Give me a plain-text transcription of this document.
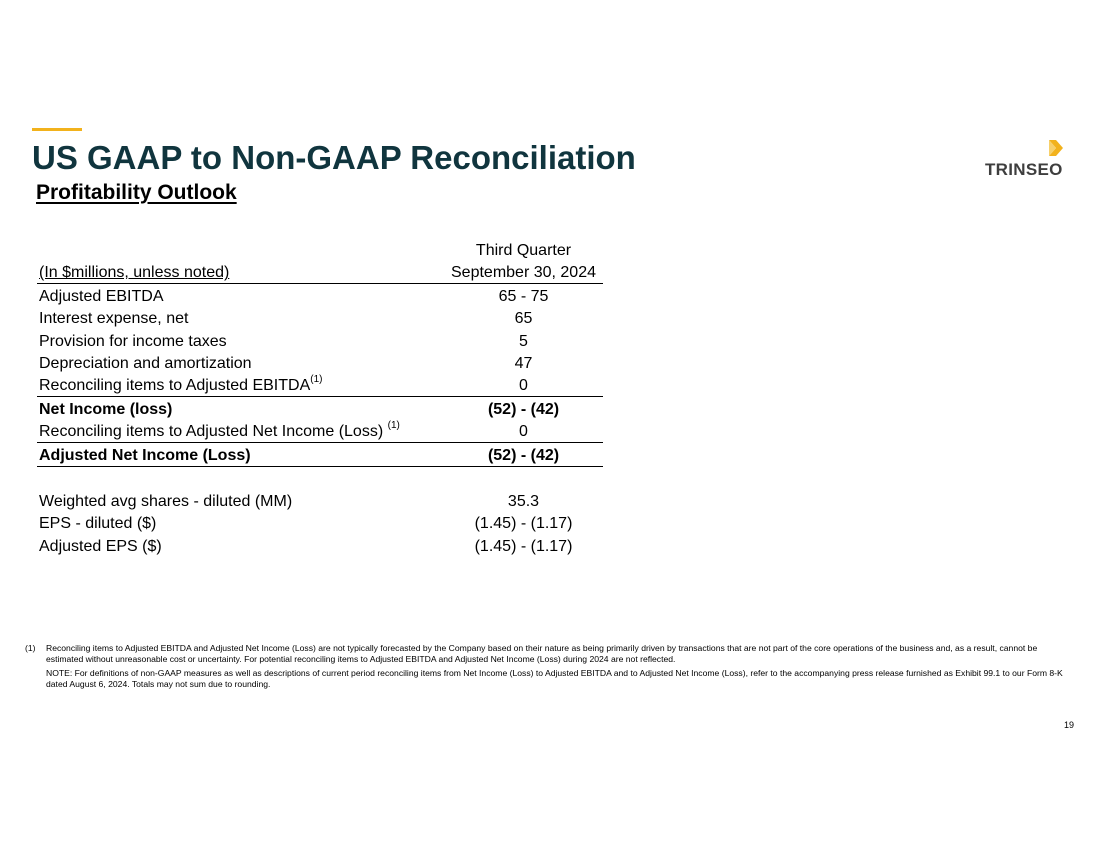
US GAAP to Non-GAAP Reconciliation
Profitability Outlook
TRINSEO
	Third Quarter
(In $millions, unless noted)	September 30, 2024
Adjusted EBITDA	65 - 75
Interest expense, net	65
Provision for income taxes	5
Depreciation and amortization	47
Reconciling items to Adjusted EBITDA$^{(1)}$	0
Net Income (loss)	(52) - (42)
Reconciling items to Adjusted Net Income (Loss) $^{(1)}$	0
Adjusted Net Income (Loss)	(52) - (42)

Weighted avg shares - diluted (MM)	35.3
EPS - diluted ($)	(1.45) - (1.17)
Adjusted EPS ($)	(1.45) - (1.17)
(1)	Reconciling items to Adjusted EBITDA and Adjusted Net Income (Loss) are not typically forecasted by the Company based on their nature as being primarily driven by transactions that are not part of the core operations of the business and, as a result, cannot be estimated without unreasonable cost or uncertainty. For potential reconciling items to Adjusted EBITDA and Adjusted Net Income (Loss) during 2024 are not reflected.
NOTE: For definitions of non-GAAP measures as well as descriptions of current period reconciling items from Net Income (Loss) to Adjusted EBITDA and to Adjusted Net Income (Loss), refer to the accompanying press release furnished as Exhibit 99.1 to our Form 8-K dated August 6, 2024. Totals may not sum due to rounding.
19
